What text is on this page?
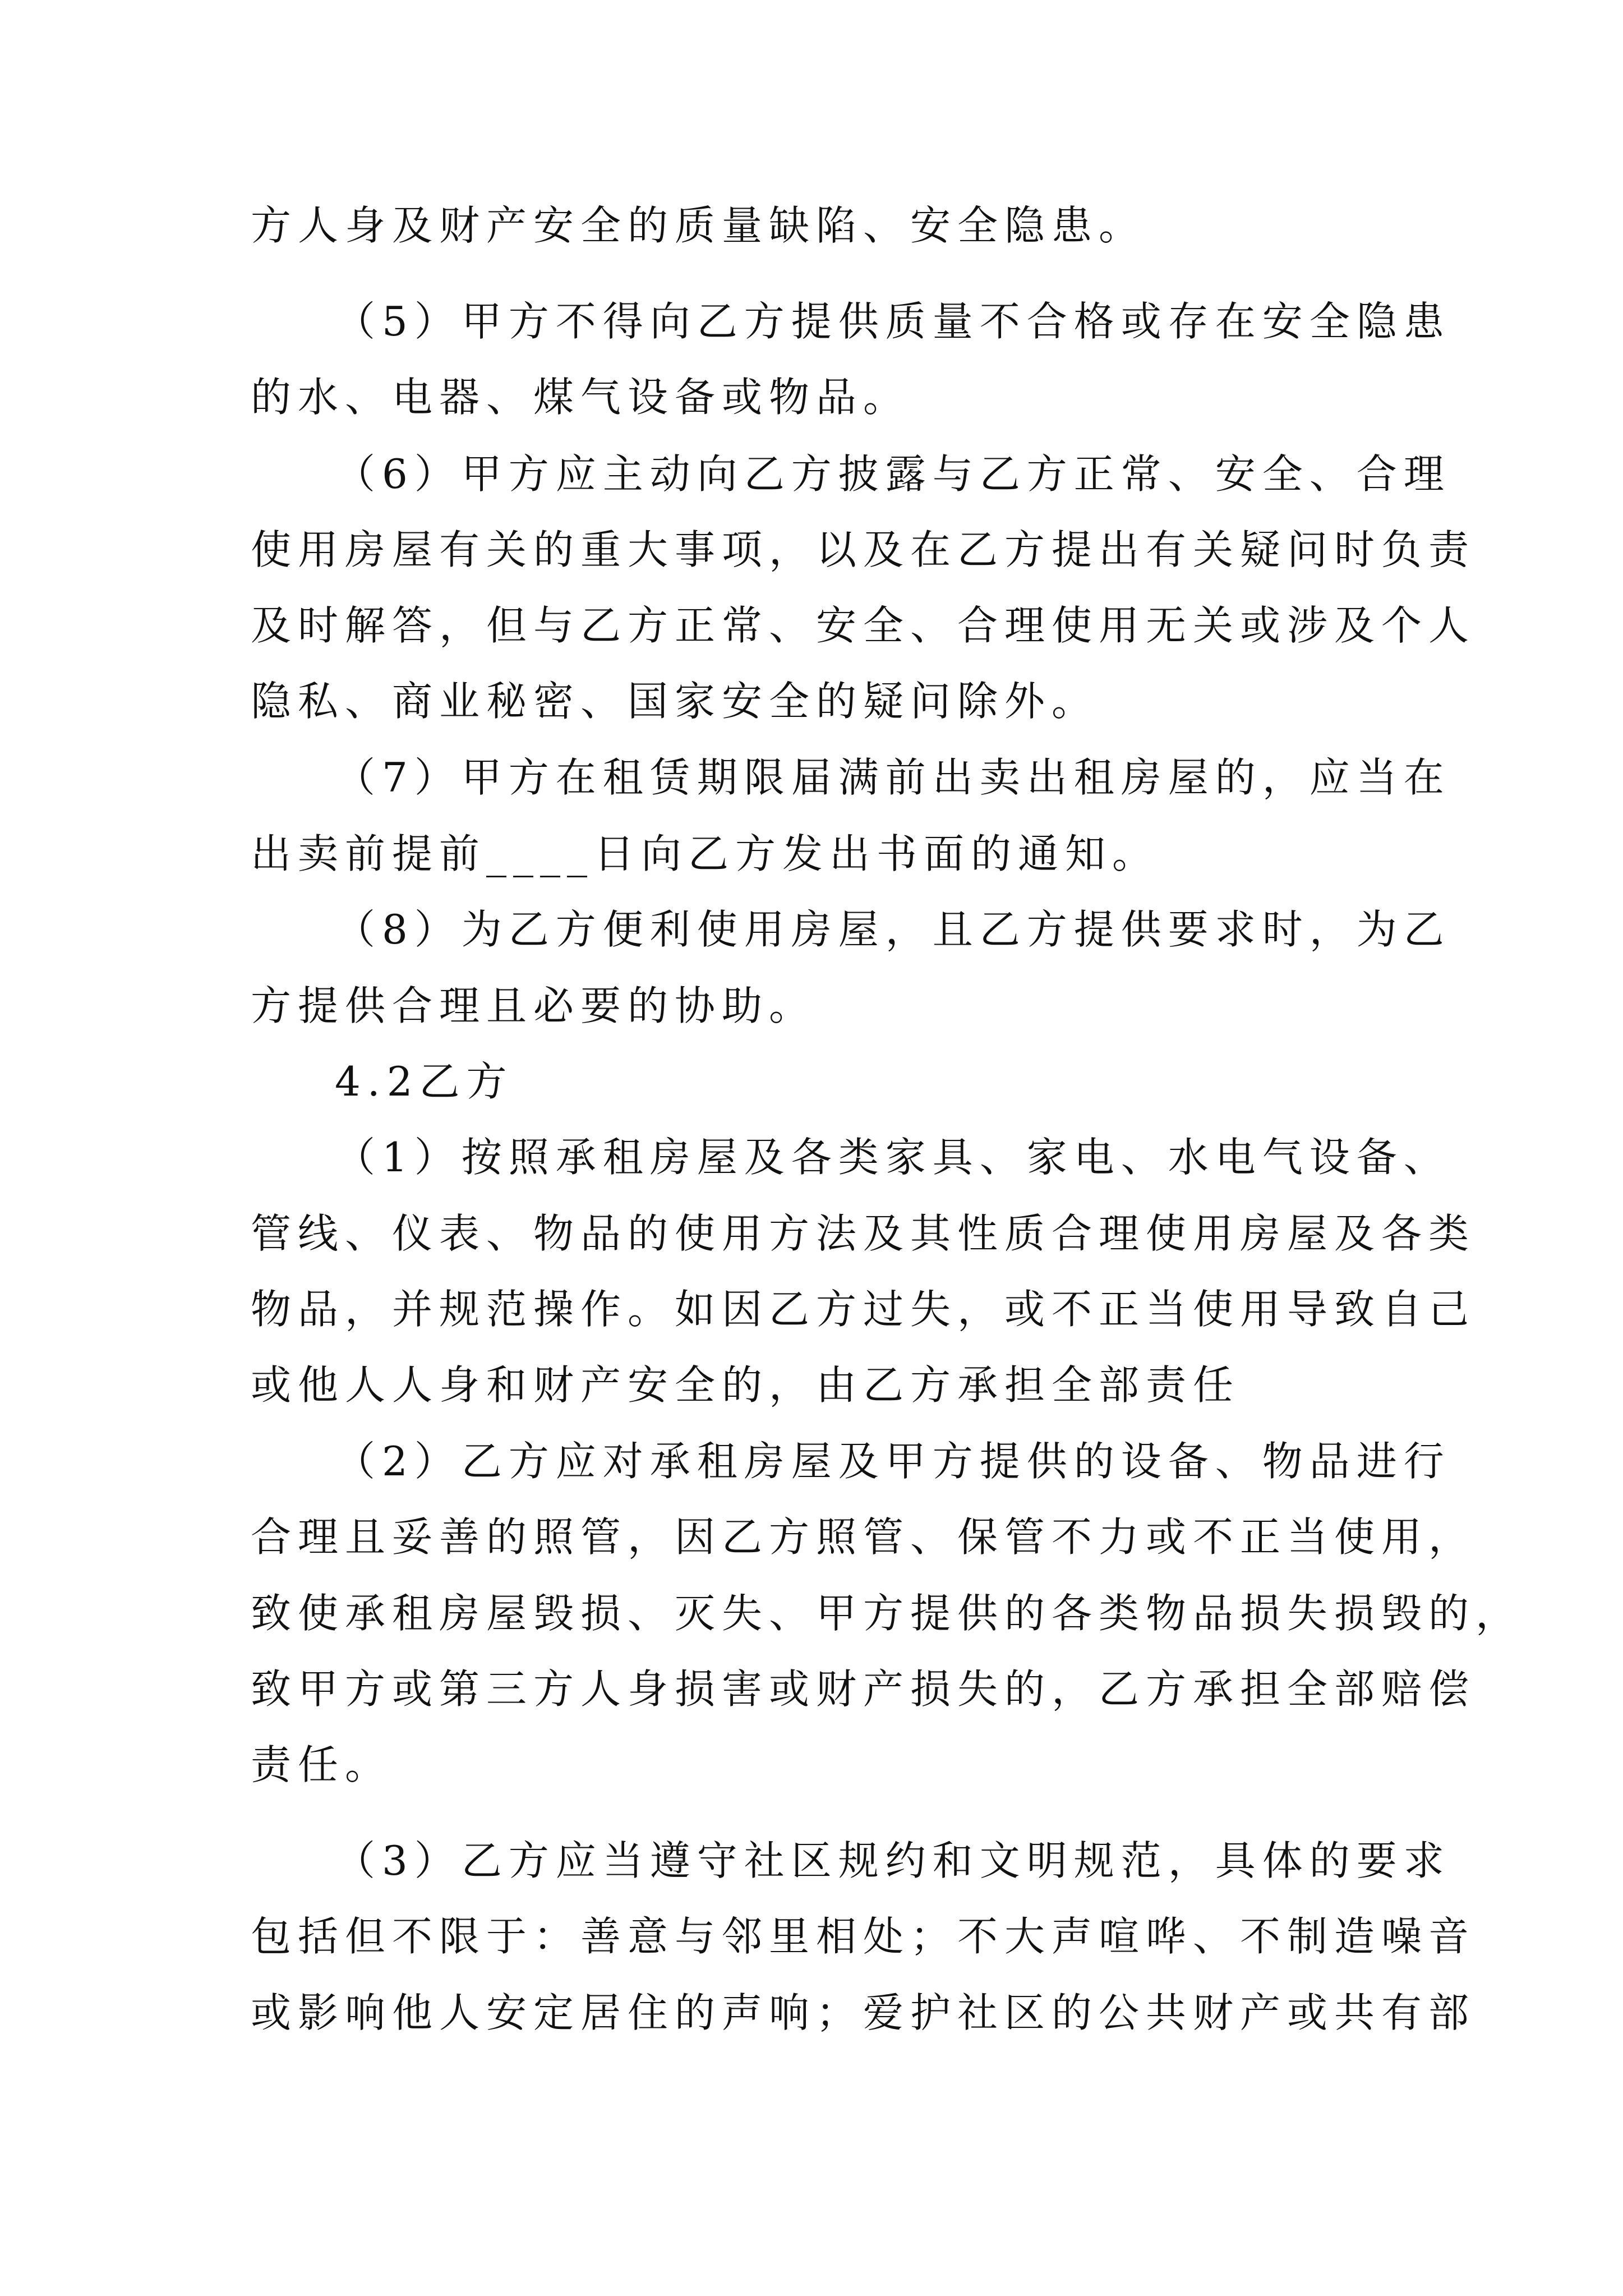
方人身及财产安全的质量缺陷、安全隐患。
（5）甲方不得向乙方提供质量不合格或存在安全隐患
的水、电器、煤气设备或物品。
（6）甲方应主动向乙方披露与乙方正常、安全、合理
使用房屋有关的重大事项，以及在乙方提出有关疑问时负责
及时解答，但与乙方正常、安全、合理使用无关或涉及个人
隐私、商业秘密、国家安全的疑问除外。
（7）甲方在租赁期限届满前出卖出租房屋的，应当在
出卖前提前____日向乙方发出书面的通知。
（8）为乙方便利使用房屋，且乙方提供要求时，为乙
方提供合理且必要的协助。
4.2乙方
（1）按照承租房屋及各类家具、家电、水电气设备、
管线、仪表、物品的使用方法及其性质合理使用房屋及各类
物品，并规范操作。如因乙方过失，或不正当使用导致自己
或他人人身和财产安全的，由乙方承担全部责任
（2）乙方应对承租房屋及甲方提供的设备、物品进行
合理且妥善的照管，因乙方照管、保管不力或不正当使用，
致使承租房屋毁损、灭失、甲方提供的各类物品损失损毁的，
致甲方或第三方人身损害或财产损失的，乙方承担全部赔偿
责任。
（3）乙方应当遵守社区规约和文明规范，具体的要求
包括但不限于：善意与邻里相处；不大声喧哗、不制造噪音
或影响他人安定居住的声响；爱护社区的公共财产或共有部
